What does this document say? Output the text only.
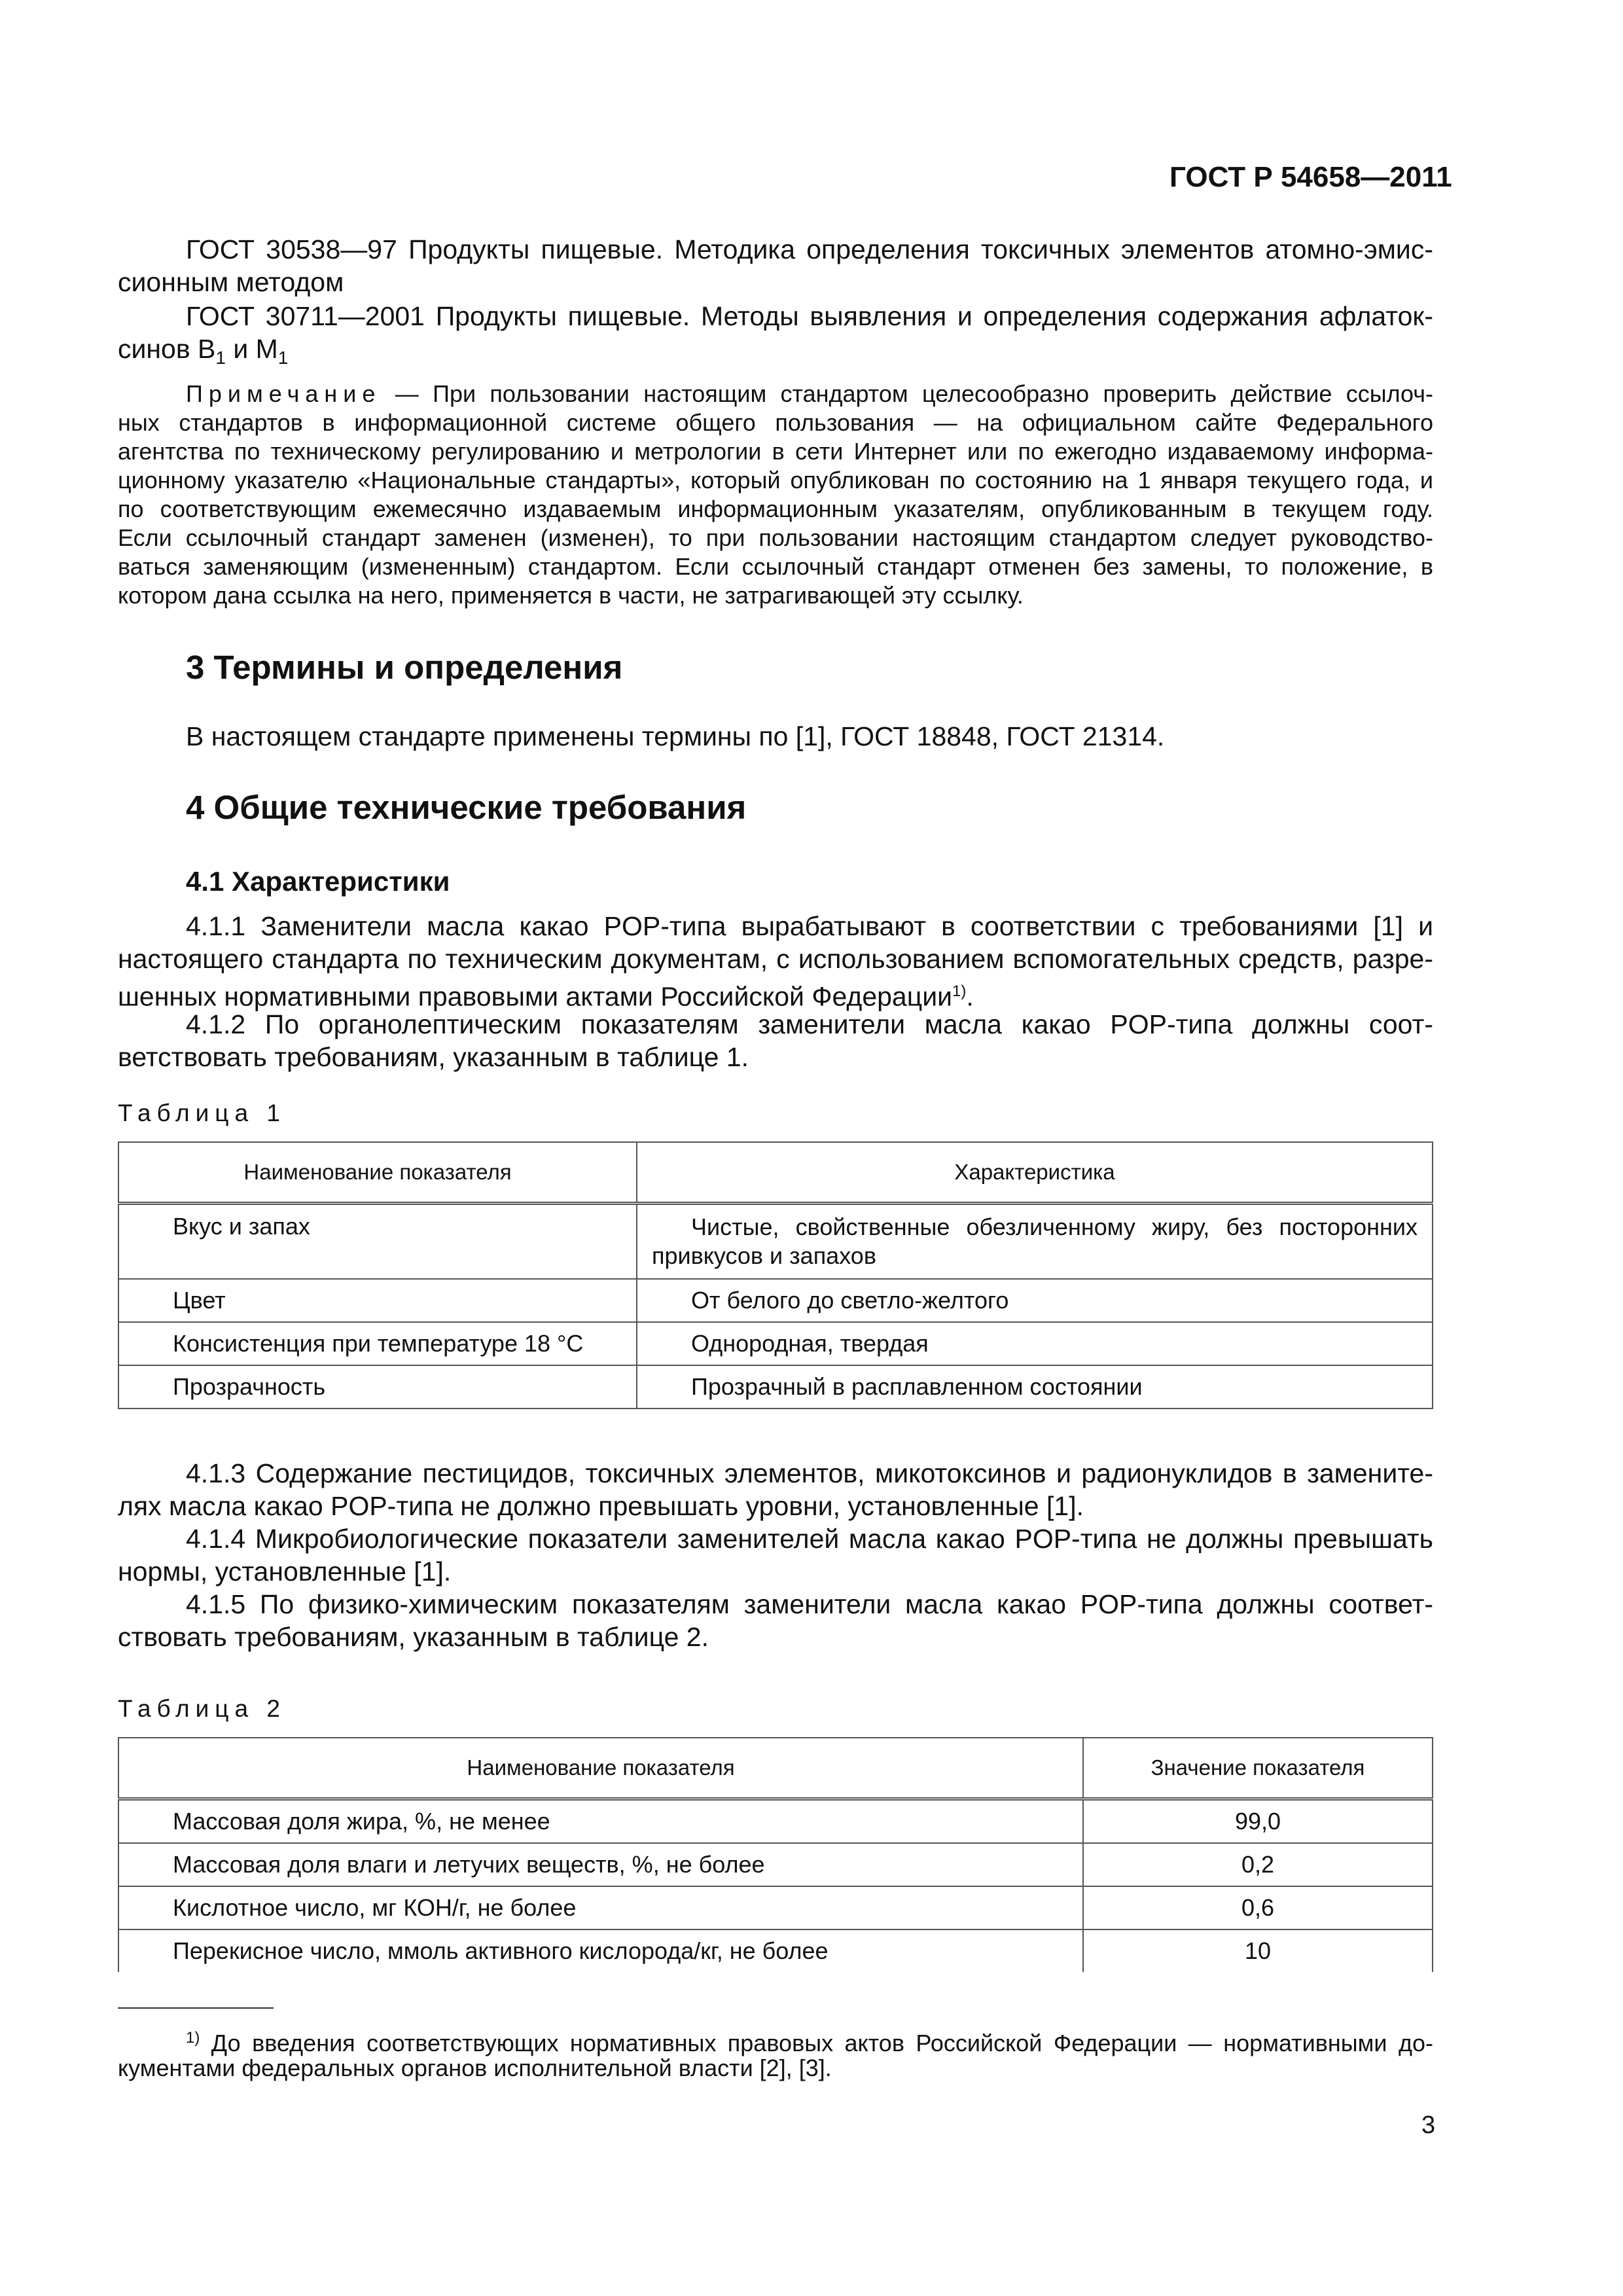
ГОСТ Р 54658—2011
ГОСТ 30538—97 Продукты пищевые. Методика определения токсичных элементов атомно-эмис-
сионным методом
ГОСТ 30711—2001 Продукты пищевые. Методы выявления и определения содержания афлаток-
синов $В_1$ и $М_1$
Примечание — При пользовании настоящим стандартом целесообразно проверить действие ссылоч-
ных стандартов в информационной системе общего пользования — на официальном сайте Федерального
агентства по техническому регулированию и метрологии в сети Интернет или по ежегодно издаваемому информа-
ционному указателю «Национальные стандарты», который опубликован по состоянию на 1 января текущего года, и
по соответствующим ежемесячно издаваемым информационным указателям, опубликованным в текущем году.
Если ссылочный стандарт заменен (изменен), то при пользовании настоящим стандартом следует руководство-
ваться заменяющим (измененным) стандартом. Если ссылочный стандарт отменен без замены, то положение, в
котором дана ссылка на него, применяется в части, не затрагивающей эту ссылку.
3 Термины и определения
В настоящем стандарте применены термины по [1], ГОСТ 18848, ГОСТ 21314.
4 Общие технические требования
4.1 Характеристики
4.1.1 Заменители масла какао POP-типа вырабатывают в соответствии с требованиями [1] и
настоящего стандарта по техническим документам, с использованием вспомогательных средств, разре-
шенных нормативными правовыми актами Российской Федерации$^{1)}$.
4.1.2 По органолептическим показателям заменители масла какао POP-типа должны соот-
ветствовать требованиям, указанным в таблице 1.
Таблица 1
Наименование показателя	Характеристика
Вкус и запах	Чистые, свойственные обезличенному жиру, без посторонних
привкусов и запахов

Цвет	От белого до светло-желтого
Консистенция при температуре 18 °С	Однородная, твердая
Прозрачность	Прозрачный в расплавленном состоянии
4.1.3 Содержание пестицидов, токсичных элементов, микотоксинов и радионуклидов в замените-
лях масла какао POP-типа не должно превышать уровни, установленные [1].
4.1.4 Микробиологические показатели заменителей масла какао POP-типа не должны превышать
нормы, установленные [1].
4.1.5 По физико-химическим показателям заменители масла какао POP-типа должны соответ-
ствовать требованиям, указанным в таблице 2.
Таблица 2
Наименование показателя	Значение показателя
Массовая доля жира, %, не менее	99,0
Массовая доля влаги и летучих веществ, %, не более	0,2
Кислотное число, мг КОН/г, не более	0,6
Перекисное число, ммоль активного кислорода/кг, не более	10
$^{1)}$ До введения соответствующих нормативных правовых актов Российской Федерации — нормативными до-
кументами федеральных органов исполнительной власти [2], [3].
3
